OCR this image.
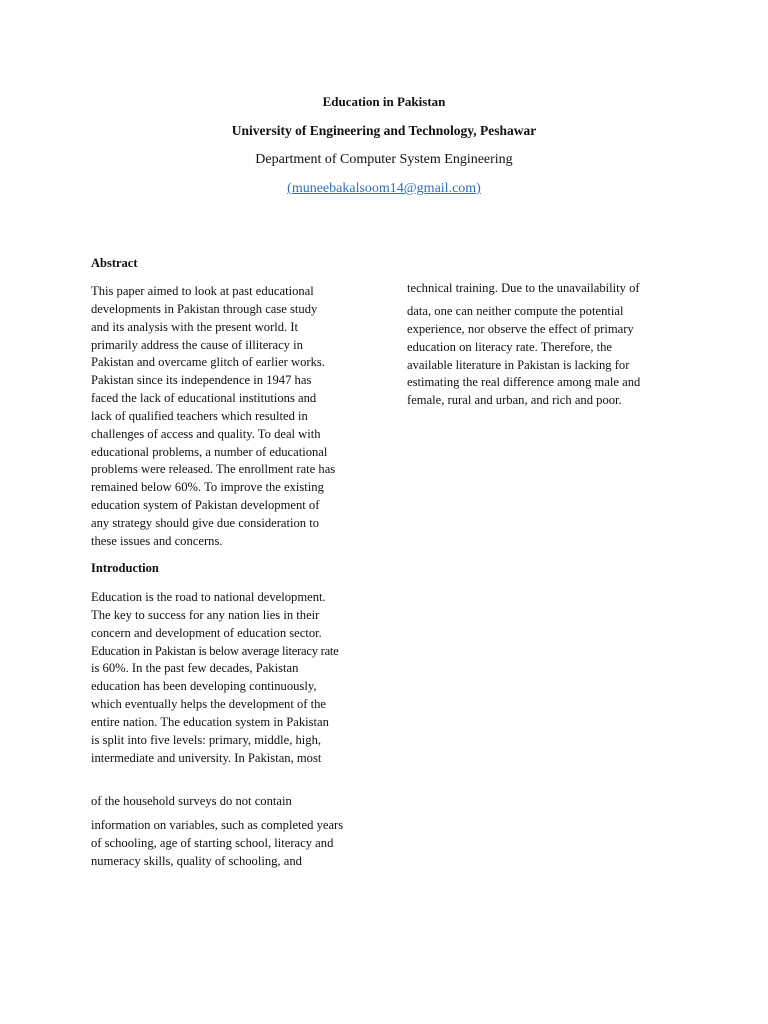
Education in Pakistan
University of Engineering and Technology, Peshawar
Department of Computer System Engineering
(muneebakalsoom14@gmail.com)
Abstract
This paper aimed to look at past educational
developments in Pakistan through case study
and its analysis with the present world. It
primarily address the cause of illiteracy in
Pakistan and overcame glitch of earlier works.
Pakistan since its independence in 1947 has
faced the lack of educational institutions and
lack of qualified teachers which resulted in
challenges of access and quality. To deal with
educational problems, a number of educational
problems were released. The enrollment rate has
remained below 60%. To improve the existing
education system of Pakistan development of
any strategy should give due consideration to
these issues and concerns.
Introduction
Education is the road to national development.
The key to success for any nation lies in their
concern and development of education sector.
Education in Pakistan is below average literacy rate
is 60%. In the past few decades, Pakistan
education has been developing continuously,
which eventually helps the development of the
entire nation. The education system in Pakistan
is split into five levels: primary, middle, high,
intermediate and university. In Pakistan, most
of the household surveys do not contain
information on variables, such as completed years
of schooling, age of starting school, literacy and
numeracy skills, quality of schooling, and
technical training. Due to the unavailability of
data, one can neither compute the potential
experience, nor observe the effect of primary
education on literacy rate. Therefore, the
available literature in Pakistan is lacking for
estimating the real difference among male and
female, rural and urban, and rich and poor.
